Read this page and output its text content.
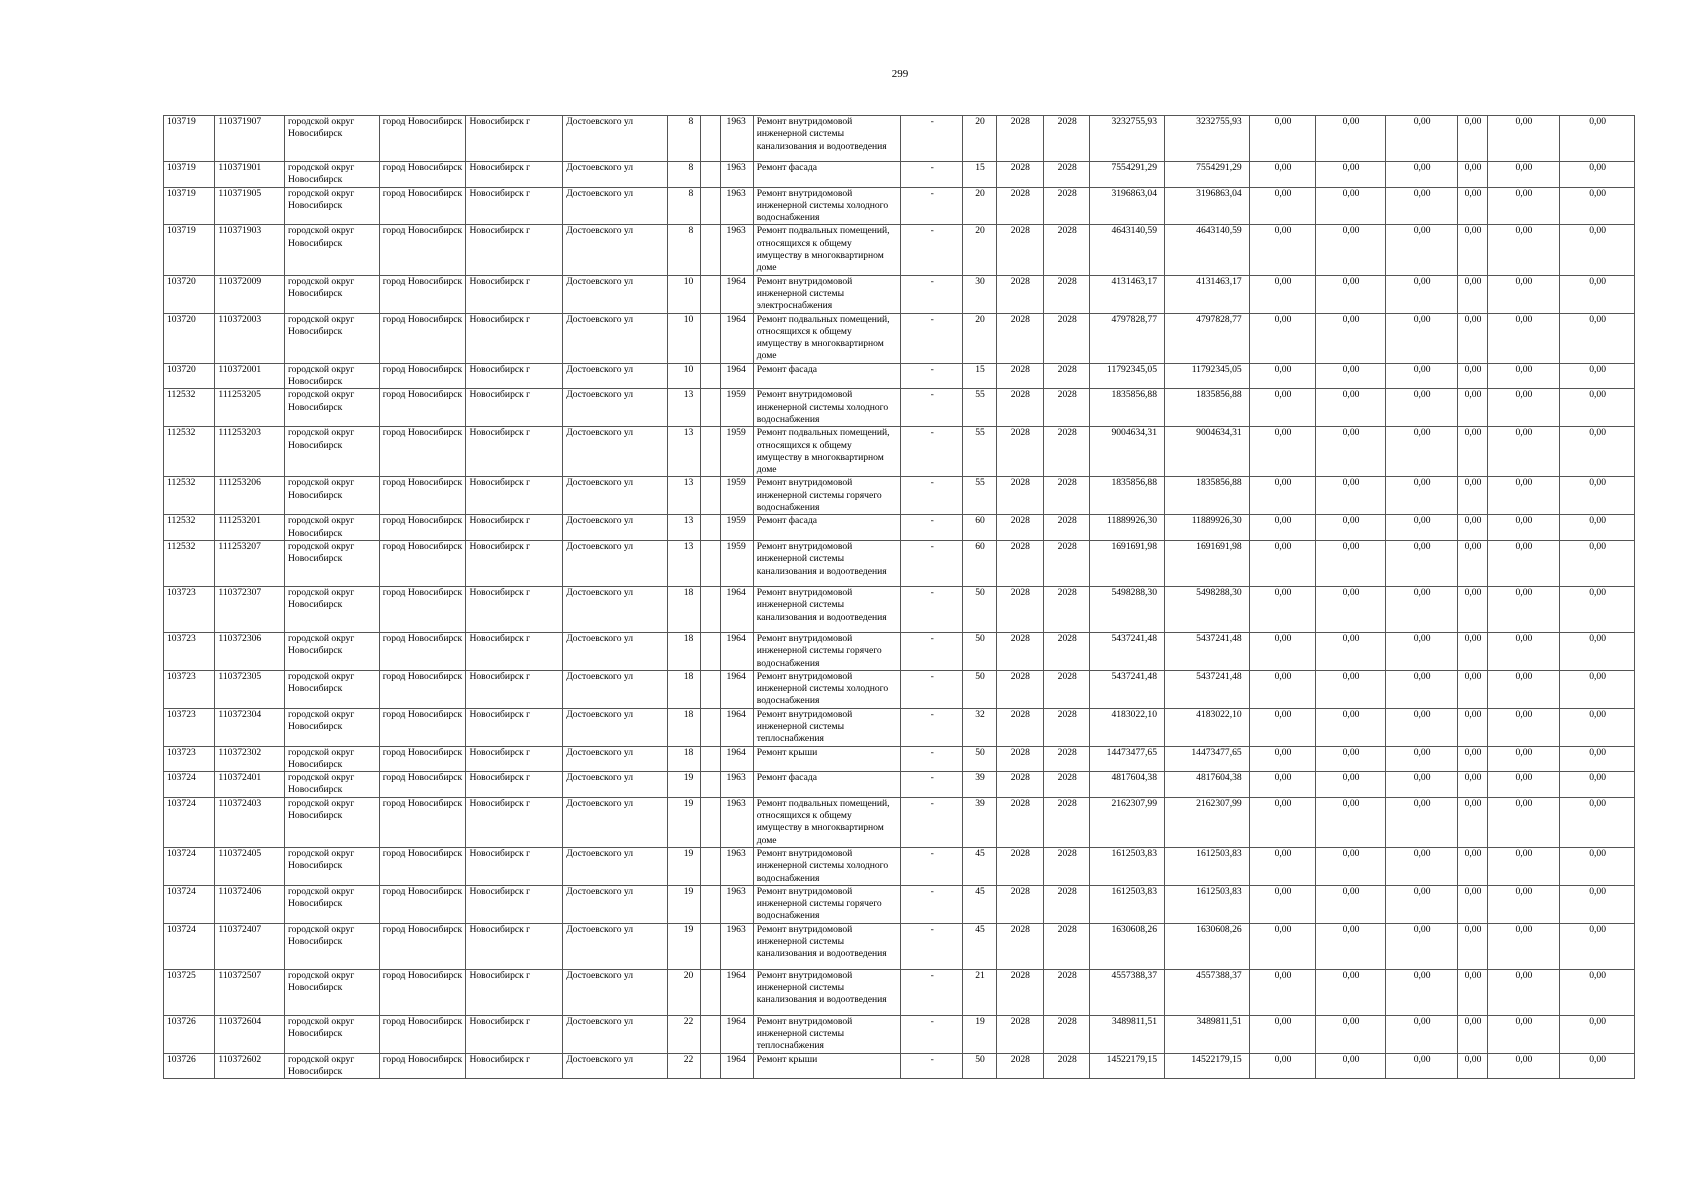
299
103719	110371907	городской округ Новосибирск	город Новосибирск	Новосибирск г	Достоевского ул	8		1963	Ремонт внутридомовой инженерной системы канализования и водоотведения	-	20	2028	2028	3232755,93	3232755,93	0,00	0,00	0,00	0,00	0,00	0,00
103719	110371901	городской округ Новосибирск	город Новосибирск	Новосибирск г	Достоевского ул	8		1963	Ремонт фасада	-	15	2028	2028	7554291,29	7554291,29	0,00	0,00	0,00	0,00	0,00	0,00
103719	110371905	городской округ Новосибирск	город Новосибирск	Новосибирск г	Достоевского ул	8		1963	Ремонт внутридомовой инженерной системы холодного водоснабжения	-	20	2028	2028	3196863,04	3196863,04	0,00	0,00	0,00	0,00	0,00	0,00
103719	110371903	городской округ Новосибирск	город Новосибирск	Новосибирск г	Достоевского ул	8		1963	Ремонт подвальных помещений, относящихся к общему имуществу в многоквартирном доме	-	20	2028	2028	4643140,59	4643140,59	0,00	0,00	0,00	0,00	0,00	0,00
103720	110372009	городской округ Новосибирск	город Новосибирск	Новосибирск г	Достоевского ул	10		1964	Ремонт внутридомовой инженерной системы электроснабжения	-	30	2028	2028	4131463,17	4131463,17	0,00	0,00	0,00	0,00	0,00	0,00
103720	110372003	городской округ Новосибирск	город Новосибирск	Новосибирск г	Достоевского ул	10		1964	Ремонт подвальных помещений, относящихся к общему имуществу в многоквартирном доме	-	20	2028	2028	4797828,77	4797828,77	0,00	0,00	0,00	0,00	0,00	0,00
103720	110372001	городской округ Новосибирск	город Новосибирск	Новосибирск г	Достоевского ул	10		1964	Ремонт фасада	-	15	2028	2028	11792345,05	11792345,05	0,00	0,00	0,00	0,00	0,00	0,00
112532	111253205	городской округ Новосибирск	город Новосибирск	Новосибирск г	Достоевского ул	13		1959	Ремонт внутридомовой инженерной системы холодного водоснабжения	-	55	2028	2028	1835856,88	1835856,88	0,00	0,00	0,00	0,00	0,00	0,00
112532	111253203	городской округ Новосибирск	город Новосибирск	Новосибирск г	Достоевского ул	13		1959	Ремонт подвальных помещений, относящихся к общему имуществу в многоквартирном доме	-	55	2028	2028	9004634,31	9004634,31	0,00	0,00	0,00	0,00	0,00	0,00
112532	111253206	городской округ Новосибирск	город Новосибирск	Новосибирск г	Достоевского ул	13		1959	Ремонт внутридомовой инженерной системы горячего водоснабжения	-	55	2028	2028	1835856,88	1835856,88	0,00	0,00	0,00	0,00	0,00	0,00
112532	111253201	городской округ Новосибирск	город Новосибирск	Новосибирск г	Достоевского ул	13		1959	Ремонт фасада	-	60	2028	2028	11889926,30	11889926,30	0,00	0,00	0,00	0,00	0,00	0,00
112532	111253207	городской округ Новосибирск	город Новосибирск	Новосибирск г	Достоевского ул	13		1959	Ремонт внутридомовой инженерной системы канализования и водоотведения	-	60	2028	2028	1691691,98	1691691,98	0,00	0,00	0,00	0,00	0,00	0,00
103723	110372307	городской округ Новосибирск	город Новосибирск	Новосибирск г	Достоевского ул	18		1964	Ремонт внутридомовой инженерной системы канализования и водоотведения	-	50	2028	2028	5498288,30	5498288,30	0,00	0,00	0,00	0,00	0,00	0,00
103723	110372306	городской округ Новосибирск	город Новосибирск	Новосибирск г	Достоевского ул	18		1964	Ремонт внутридомовой инженерной системы горячего водоснабжения	-	50	2028	2028	5437241,48	5437241,48	0,00	0,00	0,00	0,00	0,00	0,00
103723	110372305	городской округ Новосибирск	город Новосибирск	Новосибирск г	Достоевского ул	18		1964	Ремонт внутридомовой инженерной системы холодного водоснабжения	-	50	2028	2028	5437241,48	5437241,48	0,00	0,00	0,00	0,00	0,00	0,00
103723	110372304	городской округ Новосибирск	город Новосибирск	Новосибирск г	Достоевского ул	18		1964	Ремонт внутридомовой инженерной системы теплоснабжения	-	32	2028	2028	4183022,10	4183022,10	0,00	0,00	0,00	0,00	0,00	0,00
103723	110372302	городской округ Новосибирск	город Новосибирск	Новосибирск г	Достоевского ул	18		1964	Ремонт крыши	-	50	2028	2028	14473477,65	14473477,65	0,00	0,00	0,00	0,00	0,00	0,00
103724	110372401	городской округ Новосибирск	город Новосибирск	Новосибирск г	Достоевского ул	19		1963	Ремонт фасада	-	39	2028	2028	4817604,38	4817604,38	0,00	0,00	0,00	0,00	0,00	0,00
103724	110372403	городской округ Новосибирск	город Новосибирск	Новосибирск г	Достоевского ул	19		1963	Ремонт подвальных помещений, относящихся к общему имуществу в многоквартирном доме	-	39	2028	2028	2162307,99	2162307,99	0,00	0,00	0,00	0,00	0,00	0,00
103724	110372405	городской округ Новосибирск	город Новосибирск	Новосибирск г	Достоевского ул	19		1963	Ремонт внутридомовой инженерной системы холодного водоснабжения	-	45	2028	2028	1612503,83	1612503,83	0,00	0,00	0,00	0,00	0,00	0,00
103724	110372406	городской округ Новосибирск	город Новосибирск	Новосибирск г	Достоевского ул	19		1963	Ремонт внутридомовой инженерной системы горячего водоснабжения	-	45	2028	2028	1612503,83	1612503,83	0,00	0,00	0,00	0,00	0,00	0,00
103724	110372407	городской округ Новосибирск	город Новосибирск	Новосибирск г	Достоевского ул	19		1963	Ремонт внутридомовой инженерной системы канализования и водоотведения	-	45	2028	2028	1630608,26	1630608,26	0,00	0,00	0,00	0,00	0,00	0,00
103725	110372507	городской округ Новосибирск	город Новосибирск	Новосибирск г	Достоевского ул	20		1964	Ремонт внутридомовой инженерной системы канализования и водоотведения	-	21	2028	2028	4557388,37	4557388,37	0,00	0,00	0,00	0,00	0,00	0,00
103726	110372604	городской округ Новосибирск	город Новосибирск	Новосибирск г	Достоевского ул	22		1964	Ремонт внутридомовой инженерной системы теплоснабжения	-	19	2028	2028	3489811,51	3489811,51	0,00	0,00	0,00	0,00	0,00	0,00
103726	110372602	городской округ Новосибирск	город Новосибирск	Новосибирск г	Достоевского ул	22		1964	Ремонт крыши	-	50	2028	2028	14522179,15	14522179,15	0,00	0,00	0,00	0,00	0,00	0,00
